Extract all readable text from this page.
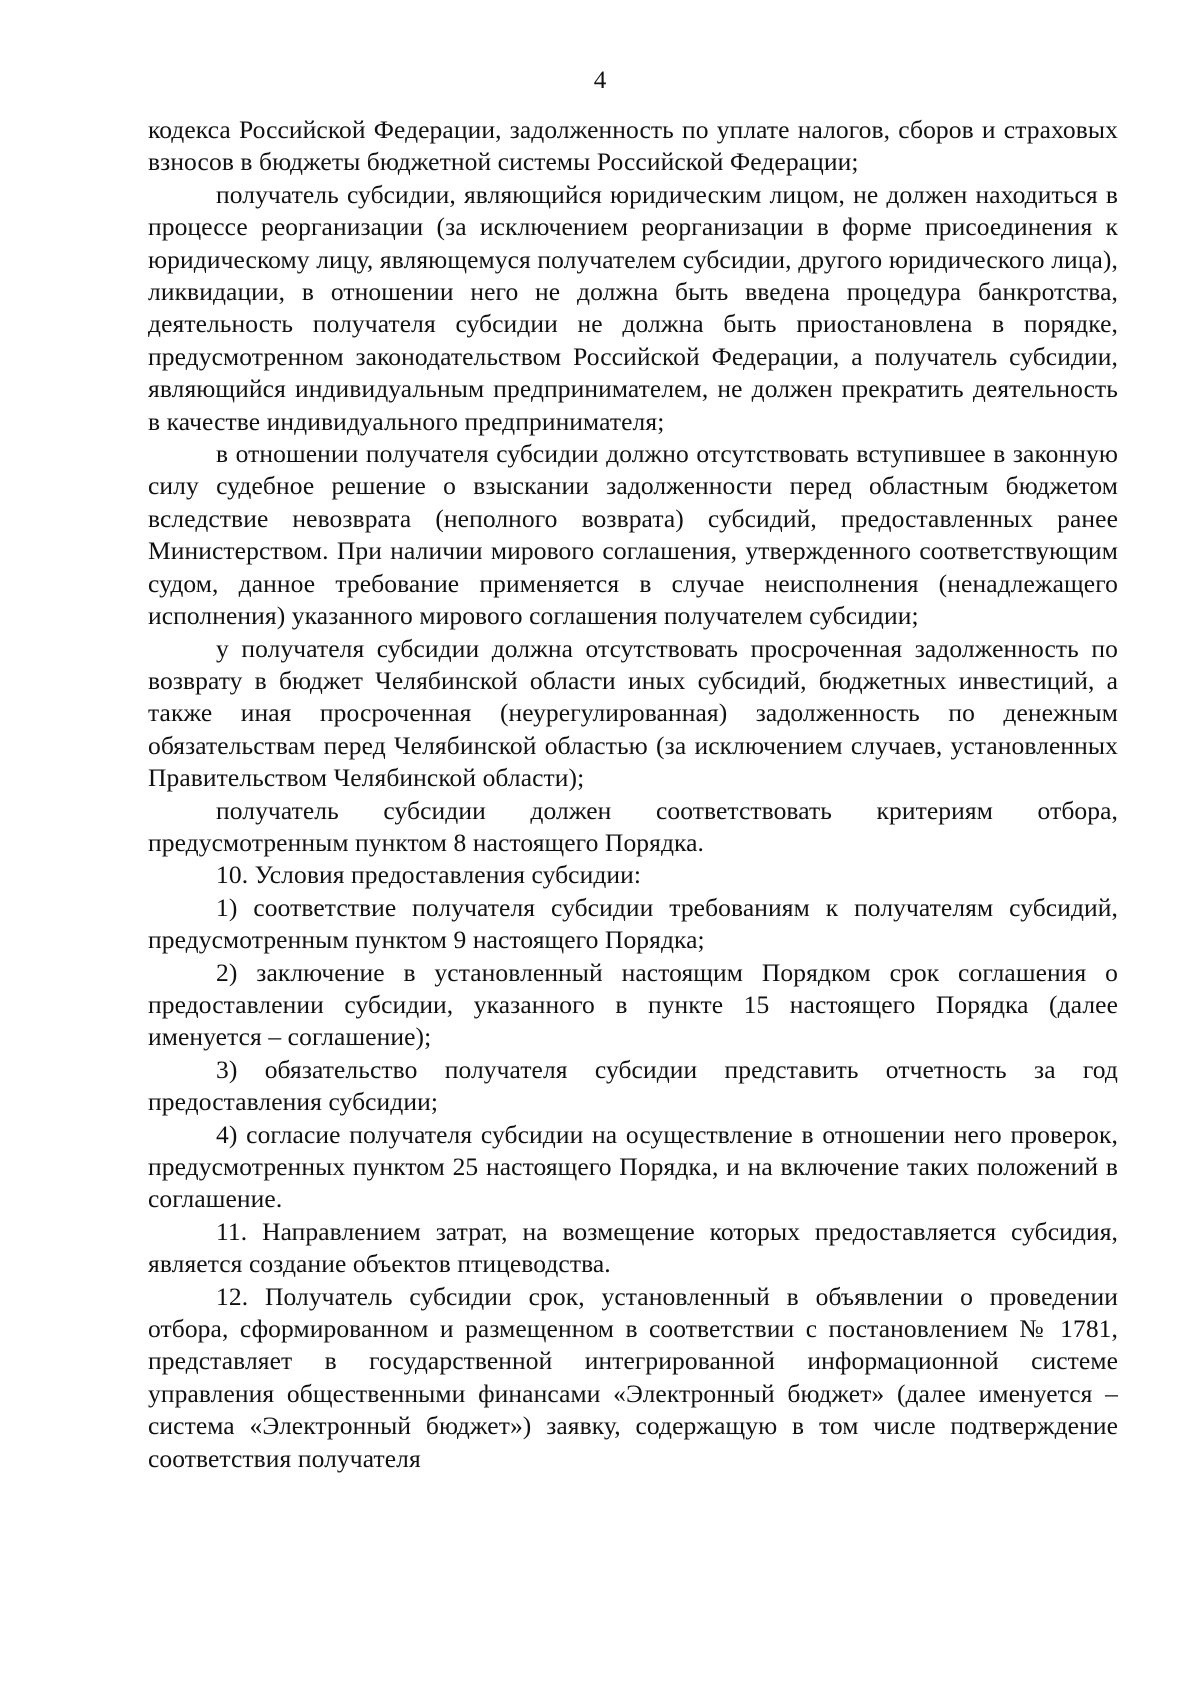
4

кодекса Российской Федерации, задолженность по уплате налогов, сборов и страховых взносов в бюджеты бюджетной системы Российской Федерации;

получатель субсидии, являющийся юридическим лицом, не должен находиться в процессе реорганизации (за исключением реорганизации в форме присоединения к юридическому лицу, являющемуся получателем субсидии, другого юридического лица), ликвидации, в отношении него не должна быть введена процедура банкротства, деятельность получателя субсидии не должна быть приостановлена в порядке, предусмотренном законодательством Российской Федерации, а получатель субсидии, являющийся индивидуальным предпринимателем, не должен прекратить деятельность в качестве индивидуального предпринимателя;

в отношении получателя субсидии должно отсутствовать вступившее в законную силу судебное решение о взыскании задолженности перед областным бюджетом вследствие невозврата (неполного возврата) субсидий, предоставленных ранее Министерством. При наличии мирового соглашения, утвержденного соответствующим судом, данное требование применяется в случае неисполнения (ненадлежащего исполнения) указанного мирового соглашения получателем субсидии;

у получателя субсидии должна отсутствовать просроченная задолженность по возврату в бюджет Челябинской области иных субсидий, бюджетных инвестиций, а также иная просроченная (неурегулированная) задолженность по денежным обязательствам перед Челябинской областью (за исключением случаев, установленных Правительством Челябинской области);

получатель субсидии должен соответствовать критериям отбора, предусмотренным пунктом 8 настоящего Порядка.

10. Условия предоставления субсидии:

1) соответствие получателя субсидии требованиям к получателям субсидий, предусмотренным пунктом 9 настоящего Порядка;

2) заключение в установленный настоящим Порядком срок соглашения о предоставлении субсидии, указанного в пункте 15 настоящего Порядка (далее именуется – соглашение);

3) обязательство получателя субсидии представить отчетность за год предоставления субсидии;

4) согласие получателя субсидии на осуществление в отношении него проверок, предусмотренных пунктом 25 настоящего Порядка, и на включение таких положений в соглашение.

11. Направлением затрат, на возмещение которых предоставляется субсидия, является создание объектов птицеводства.

12. Получатель субсидии срок, установленный в объявлении о проведении отбора, сформированном и размещенном в соответствии с постановлением № 1781, представляет в государственной интегрированной информационной системе управления общественными финансами «Электронный бюджет» (далее именуется – система «Электронный бюджет») заявку, содержащую в том числе подтверждение соответствия получателя
